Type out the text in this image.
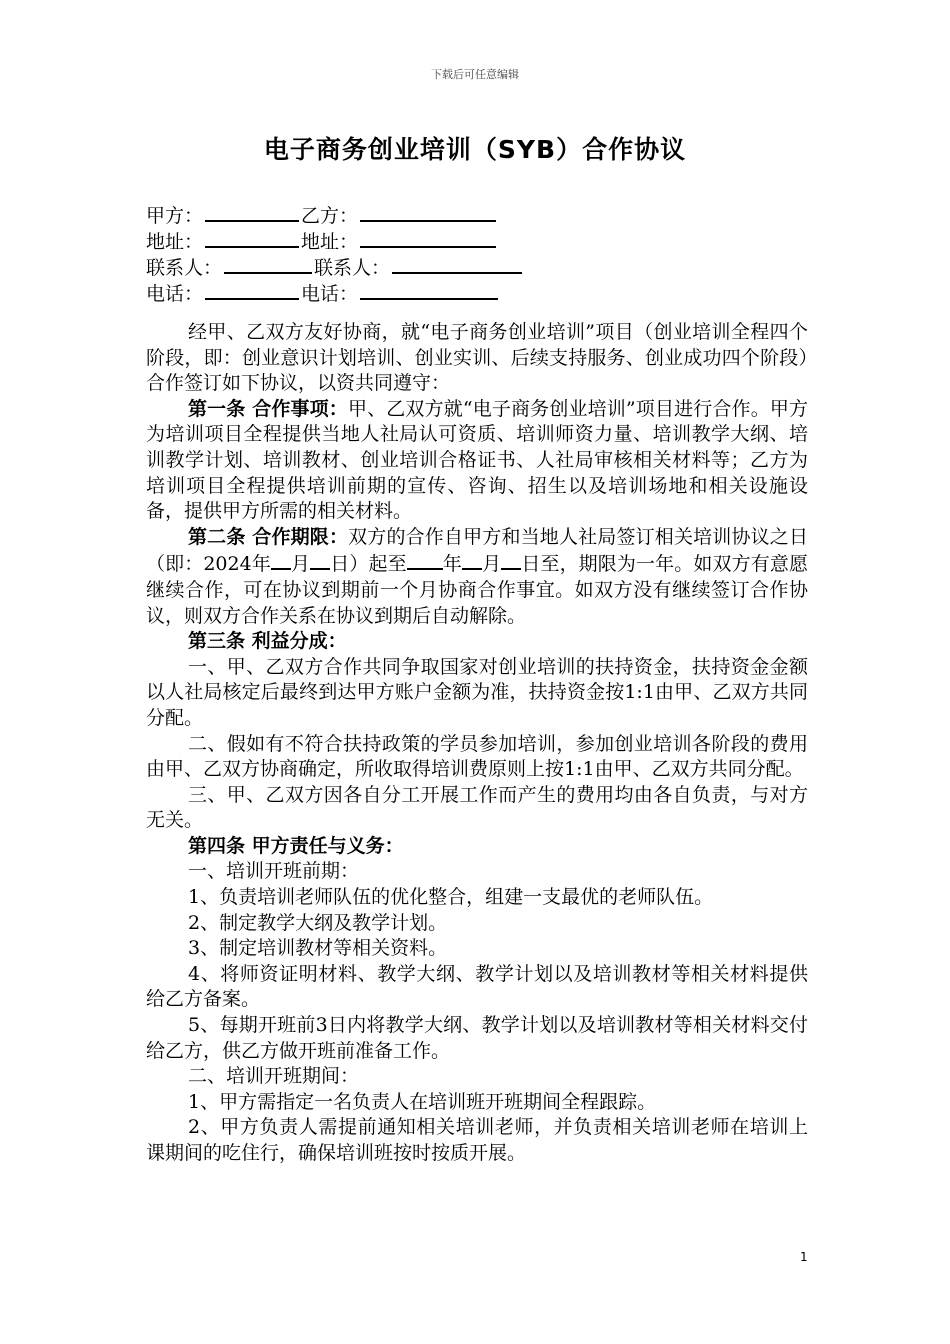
下载后可任意编辑
电子商务创业培训（SYB）合作协议
甲方：	乙方：
地址：	地址：
联系人：	联系人：
电话：	电话：

经甲、乙双方友好协商，就“电子商务创业培训”项目（创业培训全程四个阶段，即：创业意识计划培训、创业实训、后续支持服务、创业成功四个阶段）合作签订如下协议，以资共同遵守：

第一条 合作事项：甲、乙双方就“电子商务创业培训”项目进行合作。甲方为培训项目全程提供当地人社局认可资质、培训师资力量、培训教学大纲、培训教学计划、培训教材、创业培训合格证书、人社局审核相关材料等；乙方为培训项目全程提供培训前期的宣传、咨询、招生以及培训场地和相关设施设备，提供甲方所需的相关材料。

第二条 合作期限：双方的合作自甲方和当地人社局签订相关培训协议之日（即：2024年 月 日）起至 年 月 日至，期限为一年。如双方有意愿继续合作，可在协议到期前一个月协商合作事宜。如双方没有继续签订合作协议，则双方合作关系在协议到期后自动解除。

第三条 利益分成：

一、甲、乙双方合作共同争取国家对创业培训的扶持资金，扶持资金金额以人社局核定后最终到达甲方账户金额为准，扶持资金按1:1由甲、乙双方共同分配。

二、假如有不符合扶持政策的学员参加培训，参加创业培训各阶段的费用由甲、乙双方协商确定，所收取得培训费原则上按1:1由甲、乙双方共同分配。

三、甲、乙双方因各自分工开展工作而产生的费用均由各自负责，与对方无关。

第四条 甲方责任与义务：

一、培训开班前期：

1、负责培训老师队伍的优化整合，组建一支最优的老师队伍。

2、制定教学大纲及教学计划。

3、制定培训教材等相关资料。

4、将师资证明材料、教学大纲、教学计划以及培训教材等相关材料提供给乙方备案。

5、每期开班前3日内将教学大纲、教学计划以及培训教材等相关材料交付给乙方，供乙方做开班前准备工作。

二、培训开班期间：

1、甲方需指定一名负责人在培训班开班期间全程跟踪。

2、甲方负责人需提前通知相关培训老师，并负责相关培训老师在培训上课期间的吃住行，确保培训班按时按质开展。

1
